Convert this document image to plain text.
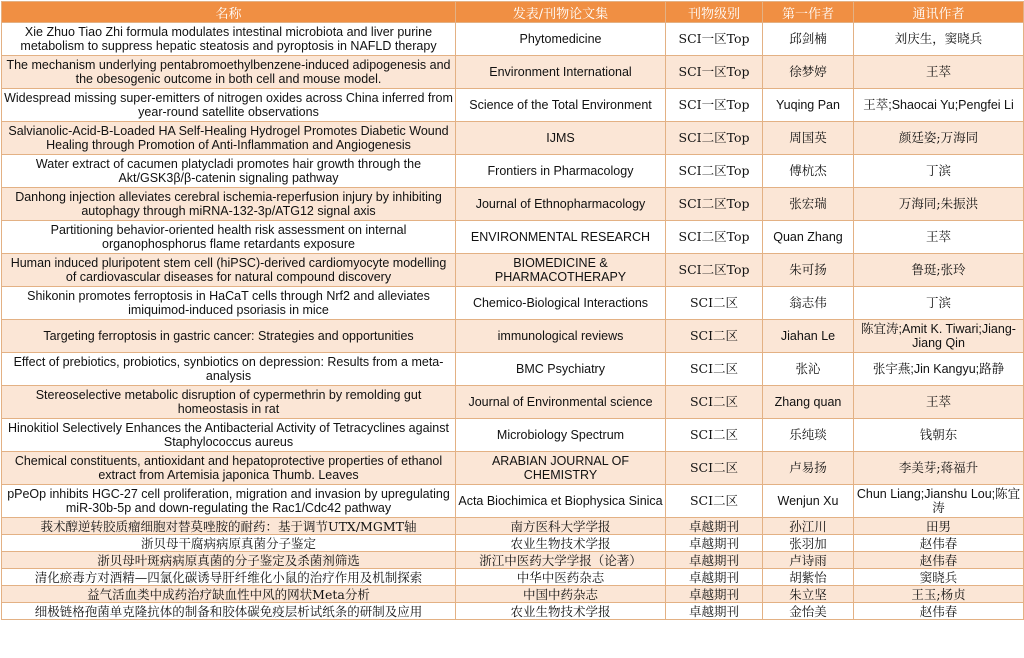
名称	发表/刊物论文集	刊物级别	第一作者	通讯作者
Xie Zhuo Tiao Zhi formula modulates intestinal microbiota and liver purine metabolism to suppress hepatic steatosis and pyroptosis in NAFLD therapy	Phytomedicine	SCI一区Top	邱剑楠	刘庆生，窦晓兵
The mechanism underlying pentabromoethylbenzene-induced adipogenesis and the obesogenic outcome in both cell and mouse model.	Environment International	SCI一区Top	徐梦婷	王萃
Widespread missing super-emitters of nitrogen oxides across China inferred from year-round satellite observations	Science of the Total Environment	SCI一区Top	Yuqing Pan	王萃;Shaocai Yu;Pengfei Li
Salvianolic-Acid-B-Loaded HA Self-Healing Hydrogel Promotes Diabetic Wound Healing through Promotion of Anti-Inflammation and Angiogenesis	IJMS	SCI二区Top	周国英	颜廷姿;万海同
Water extract of cacumen platycladi promotes hair growth through the Akt/GSK3β/β-catenin signaling pathway	Frontiers in Pharmacology	SCI二区Top	傅杭杰	丁滨
Danhong injection alleviates cerebral ischemia-reperfusion injury by inhibiting autophagy through miRNA-132-3p/ATG12 signal axis	Journal of Ethnopharmacology	SCI二区Top	张宏瑞	万海同;朱振洪
Partitioning behavior-oriented health risk assessment on internal organophosphorus flame retardants exposure	ENVIRONMENTAL RESEARCH	SCI二区Top	Quan Zhang	王萃
Human induced pluripotent stem cell (hiPSC)-derived cardiomyocyte modelling of cardiovascular diseases for natural compound discovery	BIOMEDICINE & PHARMACOTHERAPY	SCI二区Top	朱可扬	鲁珽;张玲
Shikonin promotes ferroptosis in HaCaT cells through Nrf2 and alleviates imiquimod-induced psoriasis in mice	Chemico-Biological Interactions	SCI二区	翁志伟	丁滨
Targeting ferroptosis in gastric cancer: Strategies and opportunities	immunological reviews	SCI二区	Jiahan Le	陈宜涛;Amit K. Tiwari;Jiang-Jiang Qin
Effect of prebiotics, probiotics, synbiotics on depression: Results from a meta-analysis	BMC Psychiatry	SCI二区	张沁	张宇燕;Jin Kangyu;路静
Stereoselective metabolic disruption of cypermethrin by remolding gut homeostasis in rat	Journal of Environmental science	SCI二区	Zhang quan	王萃
Hinokitiol Selectively Enhances the Antibacterial Activity of Tetracyclines against Staphylococcus aureus	Microbiology Spectrum	SCI二区	乐纯琰	钱朝东
Chemical constituents, antioxidant and hepatoprotective properties of ethanol extract from Artemisia japonica Thumb. Leaves	ARABIAN JOURNAL OF CHEMISTRY	SCI二区	卢易扬	李美芽;蒋福升
pPeOp inhibits HGC-27 cell proliferation, migration and invasion by upregulating miR-30b-5p and down-regulating the Rac1/Cdc42 pathway	Acta Biochimica et Biophysica Sinica	SCI二区	Wenjun Xu	Chun Liang;Jianshu Lou;陈宜涛
莪术醇逆转胶质瘤细胞对替莫唑胺的耐药：基于调节UTX/MGMT轴	南方医科大学学报	卓越期刊	孙江川	田男
浙贝母干腐病病原真菌分子鉴定	农业生物技术学报	卓越期刊	张羽加	赵伟春
浙贝母叶斑病病原真菌的分子鉴定及杀菌剂筛选	浙江中医药大学学报（论著）	卓越期刊	卢诗雨	赵伟春
清化瘀毒方对酒精—四氯化碳诱导肝纤维化小鼠的治疗作用及机制探索	中华中医药杂志	卓越期刊	胡紫怡	窦晓兵
益气活血类中成药治疗缺血性中风的网状Meta分析	中国中药杂志	卓越期刊	朱立坚	王玉;杨贞
细极链格孢菌单克隆抗体的制备和胶体碳免疫层析试纸条的研制及应用	农业生物技术学报	卓越期刊	金怡美	赵伟春
